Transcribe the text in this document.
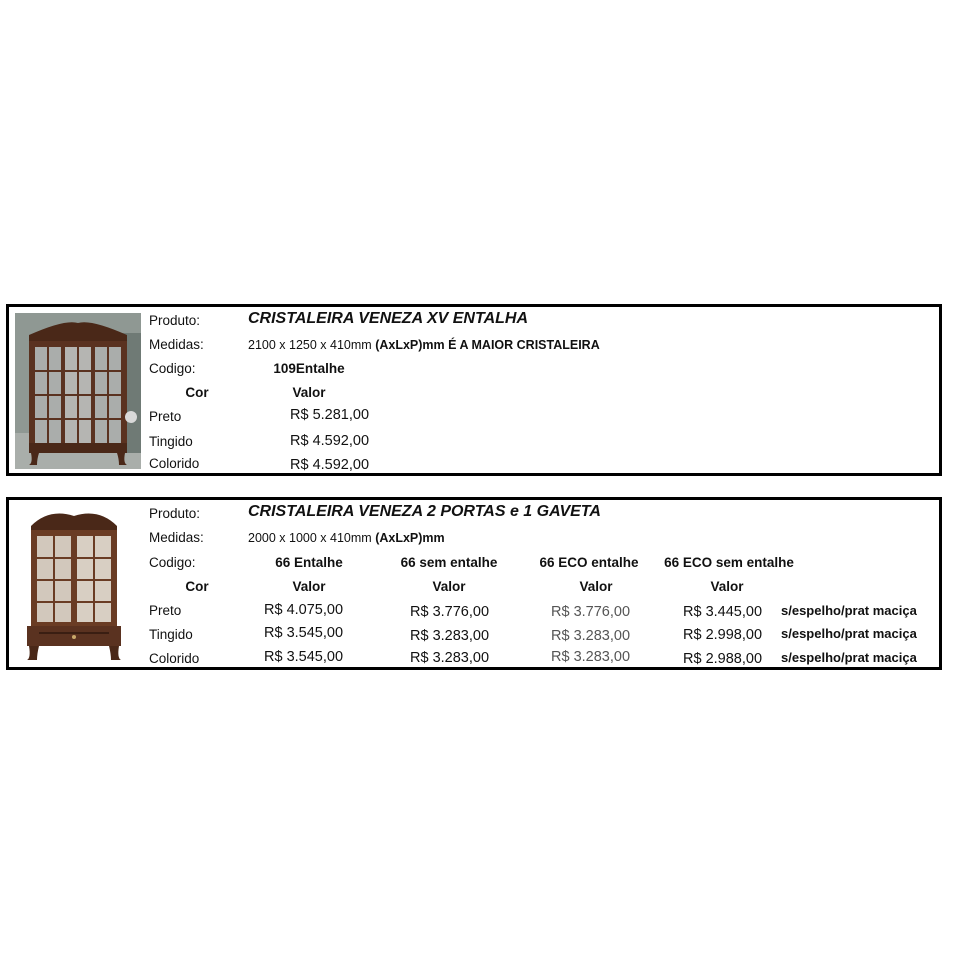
Produto:	CRISTALEIRA VENEZA XV ENTALHA
Medidas:	2100 x 1250 x 410mm (AxLxP)mm É A MAIOR CRISTALEIRA
Codigo:	109Entalhe
Cor	Valor
Preto	R$ 5.281,00
Tingido	R$ 4.592,00
Colorido	R$ 4.592,00
Produto:	CRISTALEIRA VENEZA 2 PORTAS e 1 GAVETA
Medidas:	2000 x 1000 x 410mm (AxLxP)mm
Codigo:	66 Entalhe	66 sem entalhe	66 ECO entalhe	66 ECO sem entalhe
Cor	Valor	Valor	Valor	Valor
Preto	R$ 4.075,00	R$ 3.776,00	R$ 3.776,00	R$ 3.445,00 s/espelho/prat maciça
Tingido	R$ 3.545,00	R$ 3.283,00	R$ 3.283,00	R$ 2.998,00 s/espelho/prat maciça
Colorido	R$ 3.545,00	R$ 3.283,00	R$ 3.283,00	R$ 2.988,00 s/espelho/prat maciça
